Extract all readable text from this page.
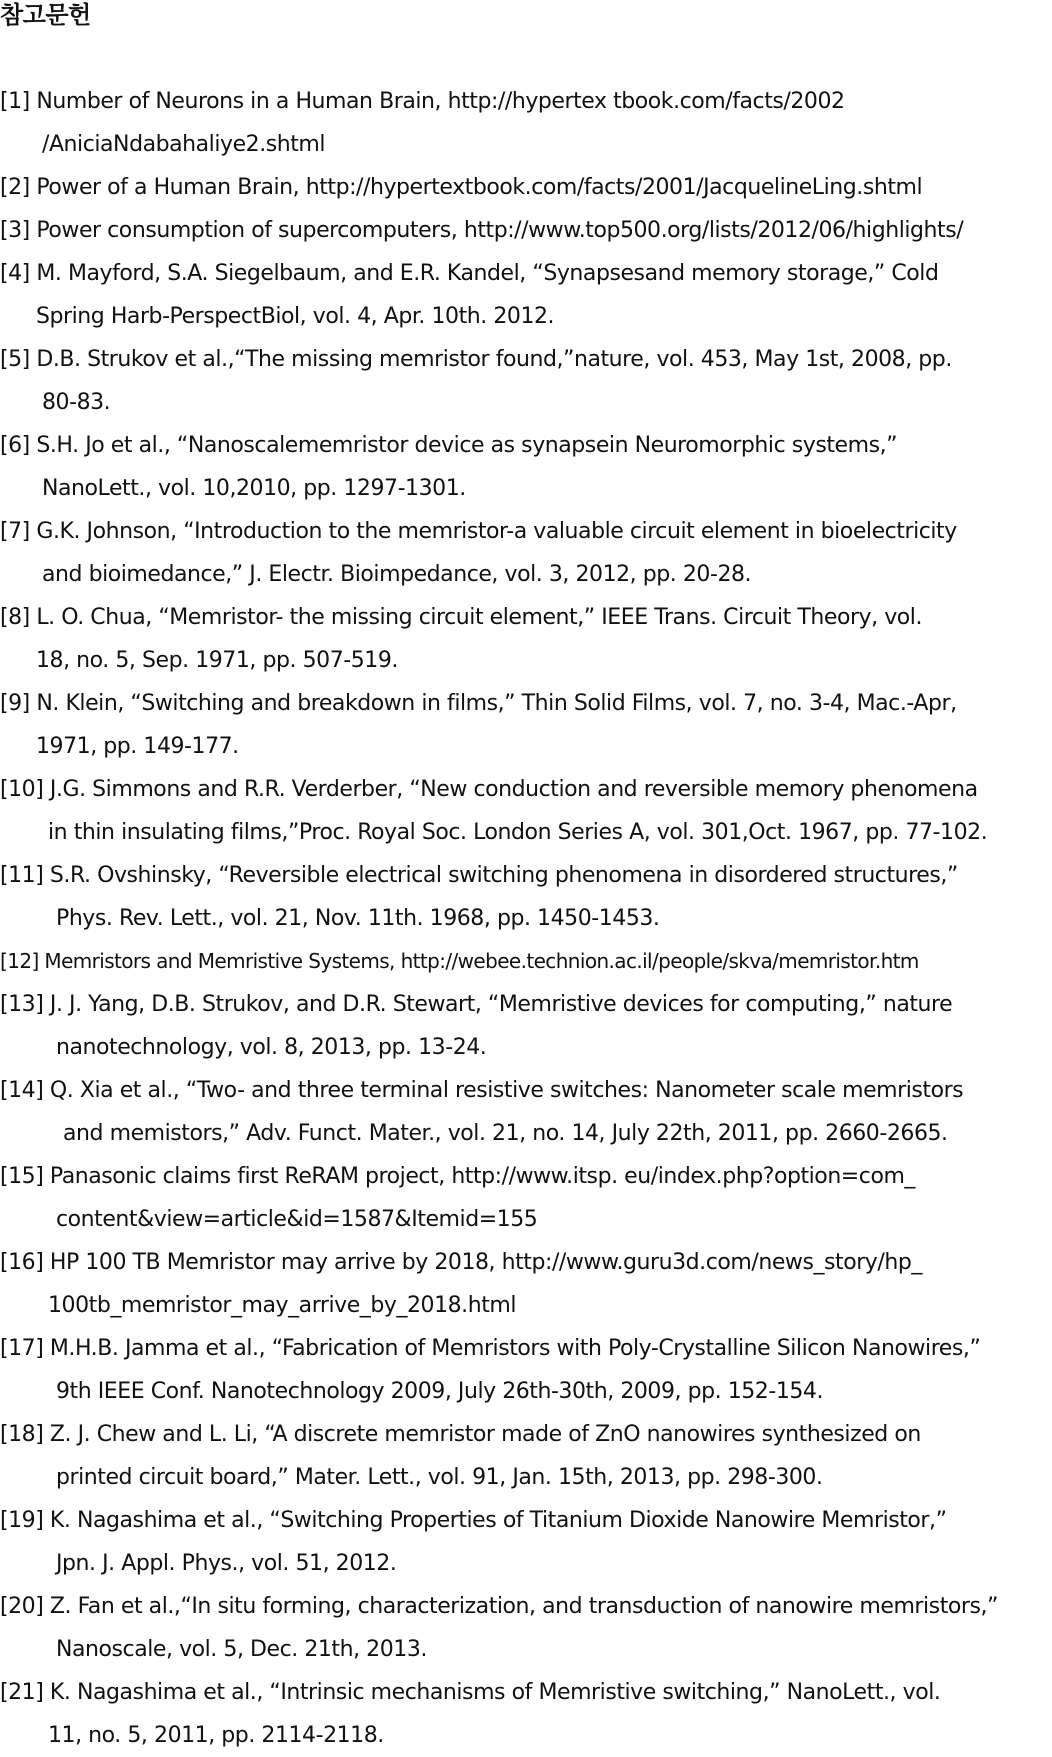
참고문헌
[1] Number of Neurons in a Human Brain, http://hypertex tbook.com/facts/2002
/AniciaNdabahaliye2.shtml
[2] Power of a Human Brain, http://hypertextbook.com/facts/2001/JacquelineLing.shtml
[3] Power consumption of supercomputers, http://www.top500.org/lists/2012/06/highlights/
[4] M. Mayford, S.A. Siegelbaum, and E.R. Kandel, “Synapsesand memory storage,” Cold
Spring Harb-PerspectBiol, vol. 4, Apr. 10th. 2012.
[5] D.B. Strukov et al.,“The missing memristor found,”nature, vol. 453, May 1st, 2008, pp.
80-83.
[6] S.H. Jo et al., “Nanoscalememristor device as synapsein Neuromorphic systems,”
NanoLett., vol. 10,2010, pp. 1297-1301.
[7] G.K. Johnson, “Introduction to the memristor-a valuable circuit element in bioelectricity
and bioimedance,” J. Electr. Bioimpedance, vol. 3, 2012, pp. 20-28.
[8] L. O. Chua, “Memristor- the missing circuit element,” IEEE Trans. Circuit Theory, vol.
18, no. 5, Sep. 1971, pp. 507-519.
[9] N. Klein, “Switching and breakdown in films,” Thin Solid Films, vol. 7, no. 3-4, Mac.-Apr,
1971, pp. 149-177.
[10] J.G. Simmons and R.R. Verderber, “New conduction and reversible memory phenomena
in thin insulating films,”Proc. Royal Soc. London Series A, vol. 301,Oct. 1967, pp. 77-102.
[11] S.R. Ovshinsky, “Reversible electrical switching phenomena in disordered structures,”
Phys. Rev. Lett., vol. 21, Nov. 11th. 1968, pp. 1450-1453.
[12] Memristors and Memristive Systems, http://webee.technion.ac.il/people/skva/memristor.htm
[13] J. J. Yang, D.B. Strukov, and D.R. Stewart, “Memristive devices for computing,” nature
nanotechnology, vol. 8, 2013, pp. 13-24.
[14] Q. Xia et al., “Two- and three terminal resistive switches: Nanometer scale memristors
and memistors,” Adv. Funct. Mater., vol. 21, no. 14, July 22th, 2011, pp. 2660-2665.
[15] Panasonic claims first ReRAM project, http://www.itsp. eu/index.php?option=com_
content&view=article&id=1587&Itemid=155
[16] HP 100 TB Memristor may arrive by 2018, http://www.guru3d.com/news_story/hp_
100tb_memristor_may_arrive_by_2018.html
[17] M.H.B. Jamma et al., “Fabrication of Memristors with Poly-Crystalline Silicon Nanowires,”
9th IEEE Conf. Nanotechnology 2009, July 26th-30th, 2009, pp. 152-154.
[18] Z. J. Chew and L. Li, “A discrete memristor made of ZnO nanowires synthesized on
printed circuit board,” Mater. Lett., vol. 91, Jan. 15th, 2013, pp. 298-300.
[19] K. Nagashima et al., “Switching Properties of Titanium Dioxide Nanowire Memristor,”
Jpn. J. Appl. Phys., vol. 51, 2012.
[20] Z. Fan et al.,“In situ forming, characterization, and transduction of nanowire memristors,”
Nanoscale, vol. 5, Dec. 21th, 2013.
[21] K. Nagashima et al., “Intrinsic mechanisms of Memristive switching,” NanoLett., vol.
11, no. 5, 2011, pp. 2114-2118.
